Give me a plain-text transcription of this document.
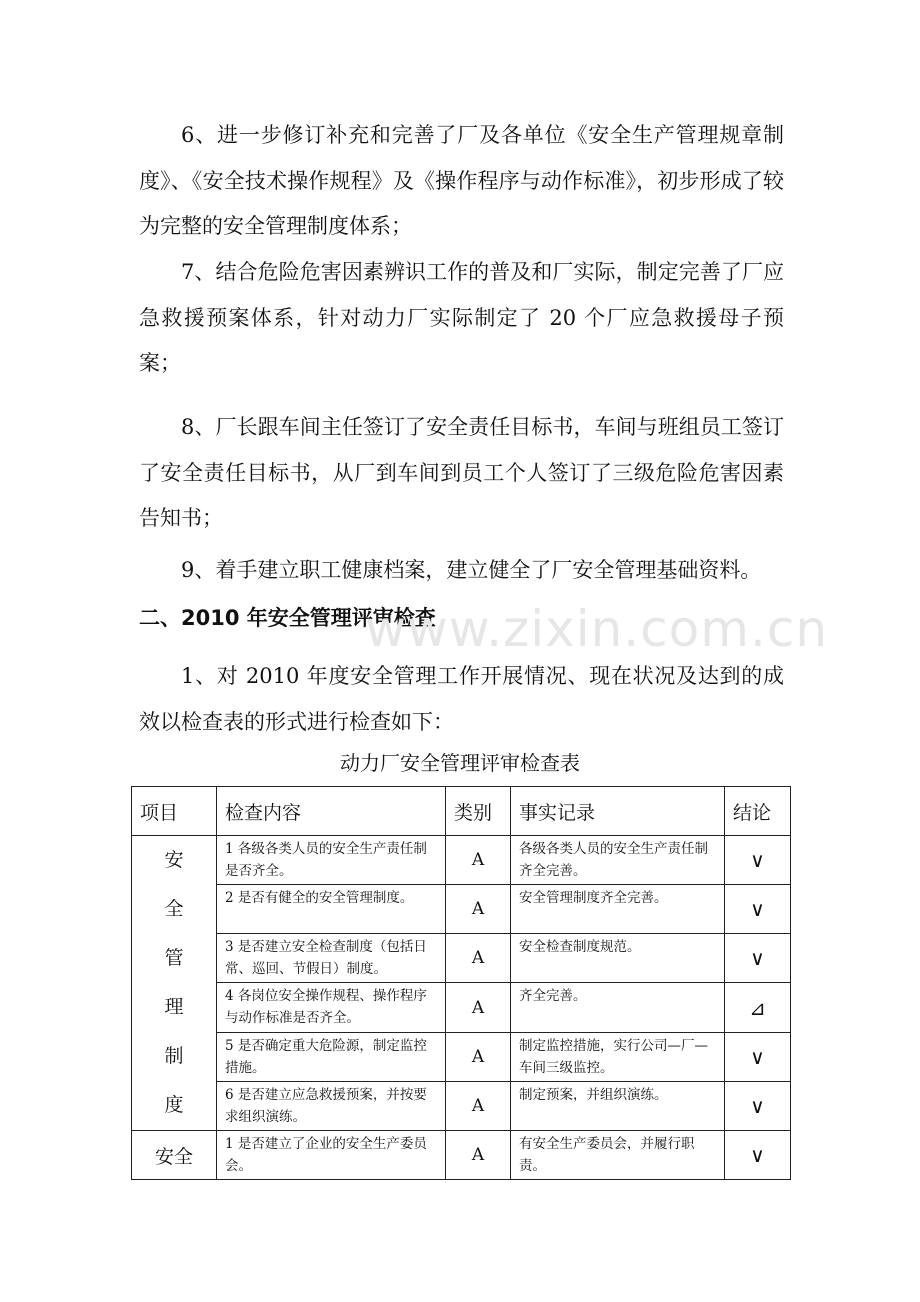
6、进一步修订补充和完善了厂及各单位《安全生产管理规章制度》、《安全技术操作规程》及《操作程序与动作标准》，初步形成了较为完整的安全管理制度体系；

7、结合危险危害因素辨识工作的普及和厂实际，制定完善了厂应急救援预案体系，针对动力厂实际制定了 20 个厂应急救援母子预案；

8、厂长跟车间主任签订了安全责任目标书，车间与班组员工签订了安全责任目标书，从厂到车间到员工个人签订了三级危险危害因素告知书；

9、着手建立职工健康档案，建立健全了厂安全管理基础资料。

二、2010 年安全管理评审检查
www.zixin.com.cn

1、对 2010 年度安全管理工作开展情况、现在状况及达到的成效以检查表的形式进行检查如下：

动力厂安全管理评审检查表

项目	检查内容	类别	事实记录	结论
安全管理制度	1 各级各类人员的安全生产责任制是否齐全。	A	各级各类人员的安全生产责任制齐全完善。	∨
	2 是否有健全的安全管理制度。	A	安全管理制度齐全完善。	∨
	3 是否建立安全检查制度（包括日常、巡回、节假日）制度。	A	安全检查制度规范。	∨
	4 各岗位安全操作规程、操作程序与动作标准是否齐全。	A	齐全完善。	⊿
	5 是否确定重大危险源，制定监控措施。	A	制定监控措施，实行公司—厂—车间三级监控。	∨
	6 是否建立应急救援预案，并按要求组织演练。	A	制定预案，并组织演练。	∨
安全	1 是否建立了企业的安全生产委员会。	A	有安全生产委员会，并履行职责。	∨
